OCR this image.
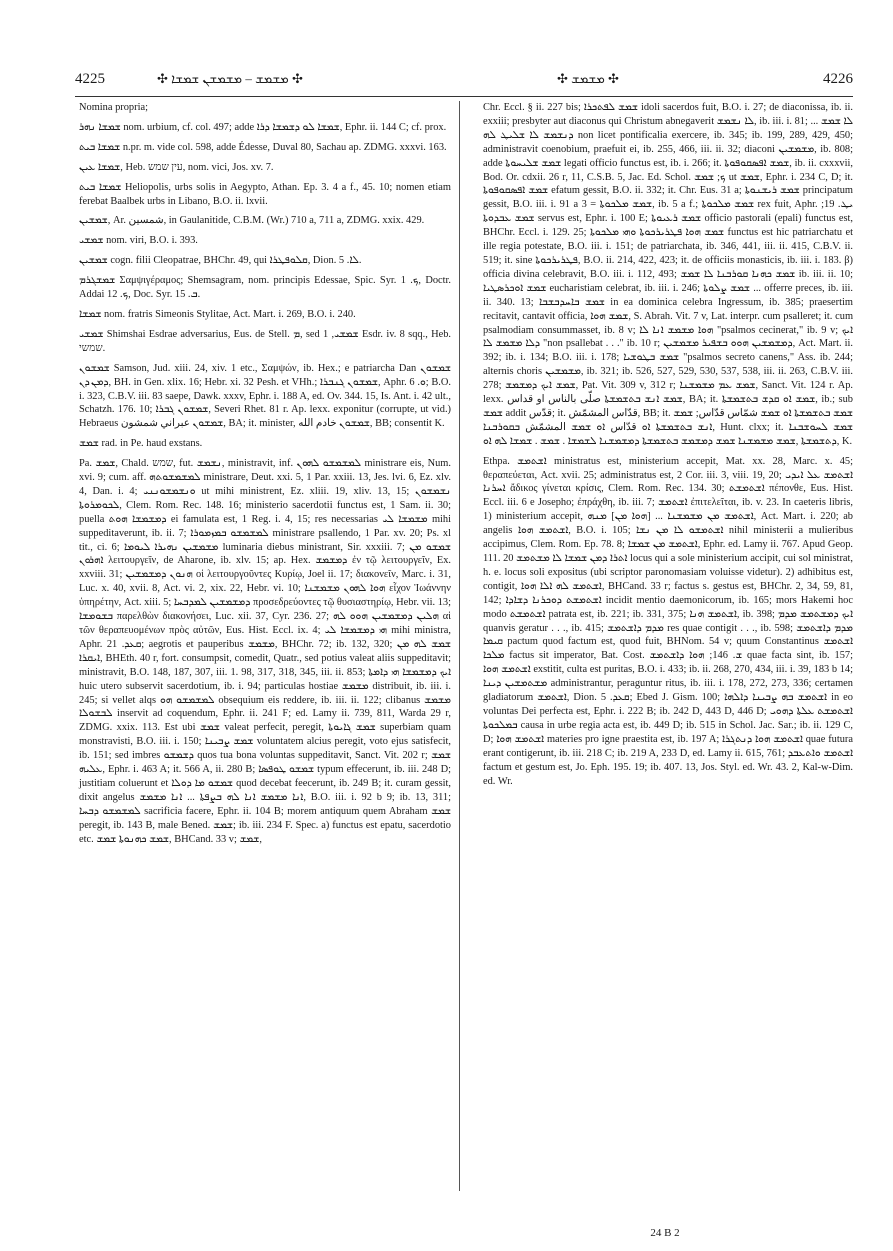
4225	✣ ܡܫܡܫ – ܡܫܡܫܢ ܫܡܫܐ ✣	✣ ܡܫܡܫ ✣	4226

Nomina propria;

ܫܡܫܐ ܢܗܪ nom. urbium, cf. col. 497; adde ܫܡܫܐ ܠܘ ܕܫܡܫܐ ܕܪܐ, Ephr. ii. 144 C; cf. prox.

ܫܡܫܐ ܒܝܬ n.pr. m. vide col. 598, adde Édesse, Duval 80, Sachau ap. ZDMG. xxxvi. 163.

ܫܡܫܐ ܥܝܢ, Heb. עין שמש, nom. vici, Jos. xv. 7.

ܫܡܫܐ ܒܝܬ Heliopolis, urbs solis in Aegypto, Athan. Ep. 3. 4 a f., 45. 10; nomen etiam ferebat Baalbek urbs in Libano, B.O. ii. lxvii.

ܫܡܫܝܢ, Ar. شمسين, in Gaulanitide, C.B.M. (Wr.) 710 a, 711 a, ZDMG. xxix. 429.

ܫܡܫܝ nom. viri, B.O. i. 393.

ܫܡܫܝܢ cogn. filii Cleopatrae, BHChr. 49, qui ܩܠܘܦܛܪܐ, Dion. ܠܐ. 5.

ܫܡܫܓܪܡ Σαμψιγέραμος; Shemsagram, nom. principis Edessae, Spic. Syr. ܟ. 1, Doctr. Addai ܟ. 12, Doc. Syr. ܒ. 15.

ܫܡܫܐ nom. fratris Simeonis Stylitae, Act. Mart. i. 269, B.O. i. 240.

ܫܡܫܝ Shimshai Esdrae adversarius, Eus. de Stell. ܡ, sed ܫܡܫܝ, 1 Esdr. iv. 8 sqq., Heb. שמשי.

ܫܡܫܘܢ Samson, Jud. xiii. 24, xiv. 1 etc., Σαμψών, ib. Hex.; e patriarcha Dan ܫܡܫܘܢ ܕܡܢ ܕܢ, BH. in Gen. xlix. 16; Hebr. xi. 32 Pesh. et VHh.; ܫܡܫܘܢ ܓܢܒܪܐ, Aphr. ܘ. 6; B.O. i. 323, C.B.V. iii. 83 saepe, Dawk. xxxv, Ephr. i. 188 A, ed. Ov. 344. 15, Is. Ant. i. 42 ult., Schatzh. 176. 10; ܫܡܫܘܢ ܓܒܪܐ, Severi Rhet. 81 r. Ap. lexx. exponitur (corrupte, ut vid.) Hebraeus ܫܡܫܘܢ عبراني شمشون, BA; it. minister, ܫܡܫܘܢ خادم الله, BB; consentit K.

ܫܡܫ rad. in Pe. haud exstans.

Pa. ܫܡܫ, Chald. שמש, fut. ܢܫܡܫ, ministravit, inf. ܠܡܫܡܫܘ ܠܗܘܢ ministrare eis, Num. xvi. 9; cum. aff. ܠܡܫܡܫܘܬܗ ministrare, Deut. xxi. 5, 1 Par. xxiii. 13, Jes. lvi. 6, Ez. xlv. 4, Dan. i. 4; ܘܢܫܡܫܘܢܢܝ ut mihi ministrent, Ez. xliii. 19, xliv. 13, 15; ܢܫܡܫܘܢ ܠܟܘܡܪܘܬܐ, Clem. Rom. Rec. 148. 16; ministerio sacerdotii functus est, 1 Sam. ii. 30; puella ܕܡܫܡܫܐ ܗܘܬ ei famulata est, 1 Reg. i. 4, 15; res necessarias ܡܫܡܫܐ ܠܝ mihi suppeditaverunt, ib. ii. 7; ܠܡܫܡܫܘ ܒܡܙܡܘܪܐ ministrare psallendo, 1 Par. xv. 20; Ps. xl tit., ci. 6; ܡܫܡܫܝܢ ܢܗܝܪܐ ܠܝܘܡܐ luminaria diebus ministrant, Sir. xxxiii. 7; ܫܡܫܘ ܡܢ ܐܗܪܘܢ λειτουργεῖν, de Aharone, ib. xlv. 15; ap. Hex. ܕܡܫܡܫ ἐν τῷ λειτουργεῖν, Ex. xxviii. 31; ܗܢܘܢ ܕܡܫܡܫܝܢ οἱ λειτουργοῦντες Κυρίῳ, Joel ii. 17; διακονεῖν, Marc. i. 31, Luc. x. 40, xvii. 8, Act. vi. 2, xix. 22, Hebr. vi. 10; ܗܘܐ ܠܗܘܢ ܡܫܡܫܢܐ εἶχον Ἰωάννην ὑπηρέτην, Act. xiii. 5; ܕܡܫܡܫܝܢ ܠܡܕܒܚܐ προσεδρεύοντες τῷ θυσιαστηρίῳ, Hebr. vii. 13; ܒܫܘܡܫܐ παρελθὼν διακονήσει, Luc. xii. 37, Cyr. 236. 27; ܗܠܝܢ ܕܡܫܡܫܝܢ ܗܘܘ ܠܗ αἱ τῶν θεραπευομένων πρὸς αὐτῶν, Eus. Hist. Eccl. ix. 4; ܗܝ ܕܡܫܡܫܐ ܠܝ mihi ministra, Aphr. ܩܥܕ. 21; aegrotis et pauperibus ܡܫܡܫ, BHChr. 72; ib. 132, 320; ܫܡܫ ܠܗ ܡܢ ܐܝܩܪܐ, BHEth. 40 r, fort. consumpsit, comedit, Quatr., sed potius valeat aliis suppeditavit; ministravit, B.O. 148, 187, 307, iii. 1. 98, 317, 318, 345, iii. ii. 853; ܐܝܟ ܕܡܫܡܫܐ ܗܝ ܕܐܡܬܐ huic utero subservit sacerdotium, ib. i. 94; particulas hostiae ܡܫܡܫ distribuit, ib. iii. i. 245; si vellet alqs ܠܡܫܡܫܘ ܗܘ obsequium eis reddere, ib. iii. ii. 122; clibanus ܡܫܡܫ ܠܒܫܘܠܐ inservit ad coquendum, Ephr. ii. 241 F; ed. Lamy ii. 739, 811, Warda 29 r, ZDMG. xxix. 113. Est ubi ܫܡܫ valeat perfecit, peregit, ܫܡܫ ܓܐܝܘܬܐ superbiam quam monstravisti, B.O. iii. i. 150; ܫܡܫ ܨܒܝܢܐ voluntatem alcius peregit, voto ejus satisfecit, ib. 151; sed imbres ܕܫܡܫܘ quos tua bona voluntas suppeditavit, Sanct. Vit. 202 r; ܫܡܫ ܥܠܝܗ, Ephr. i. 463 A; it. 566 A, ii. 280 B; ܫܡܫܘ ܛܘܦܣܐ typum effecerunt, ib. iii. 248 D; justitiam coluerunt et ܫܡܫܘ ܡܐ ܕܘܠܐ quod decebat feecerunt, ib. 249 B; it. curam gessit, dixit angelus ܐܢܐ ܡܫܡܫ ܐܢܐ ܠܗ ܒܨܦܬܐ ... ܐܢܐ ܡܫܡܫ, B.O. iii. i. 92 b 9; ib. 13, 311; ܠܡܫܡܫܘ ܕܒܚܐ sacrificia facere, Ephr. ii. 104 B; morem antiquum quem Abraham ܫܡܫ peregit, ib. 143 B, male Bened. ܫܡܫ; ib. iii. 234 F. Spec. a) functus est epatu, sacerdotio etc. ܫܡܫ ܟܗܢܘܬܐ ܫܡܫ, BHCand. 33 v; ܫܡܫ,

Chr. Eccl. § ii. 227 bis; ܫܡܫ ܠܦܬܟܪܐ idoli sacerdos fuit, B.O. i. 27; de diaconissa, ib. ii. exxiii; presbyter aut diaconus qui Christum abnegaverit ܠܐ ܢܫܡܫ, ib. iii. i. 81; ܠܐ ܫܡܫ ... ܕܢܫܡܫ ܠܐ ܫܠܝܛ ܠܗ non licet pontificalia exercere, ib. 345; ib. 199, 289, 429, 450; administravit coenobium, praefuit ei, ib. 255, 466, iii. ii. 32; diaconi ܡܫܡܫܝܢ, ib. 808; adde ܫܡܫ ܫܠܝܚܘܬܐ legati officio functus est, ib. i. 266; it. ܫܡܫ ܐܦܣܩܘܦܘܬܐ, ib. ii. cxxxvii, Bod. Or. cdxii. 26 r, 11, C.S.B. 5, Jac. Ed. Schol. ܟ; ܫܡܫ ut ܫܡܫ, Ephr. i. 234 C, D; it. ܫܡܫ ܐܦܣܩܘܦܘܬܐ efatum gessit, B.O. ii. 332; it. Chr. Eus. 31 a; ܫܡܫ ܪܝܫܢܘܬܐ principatum gessit, B.O. iii. i. 91 a 3 = ܫܡܫ ܡܠܟܘܬܐ, ib. 5 a f.; ܫܡܫ ܡܠܟܘܬܐ rex fuit, Aphr. ܝܛ. 19; ܫܡܫ ܥܒܕܘܬܐ servus est, Ephr. i. 100 E; ܫܡܫ ܪܥܝܘܬܐ officio pastorali (epali) functus est, BHChr. Eccl. i. 129. 25; ܫܡܫ ܗܘܐ ܦܛܪܝܪܟܘܬܐ ܘܗܝ ܡܠܟܘܬܐ functus est hic patriarchatu et ille regia potestate, B.O. iii. i. 151; de patriarchata, ib. 346, 441, iii. ii. 415, C.B.V. ii. 519; it. sine ܦܛܪܝܪܟܘܬܐ, B.O. ii. 214, 422, 423; it. de officiis monasticis, ib. iii. i. 183. β) officia divina celebravit, B.O. iii. i. 112, 493; ܫܡܫ ܟܗܢܐ ܩܘܪܒܢܐ ܠܐ ܫܡܫ ib. iii. ii. 10; ܫܡܫ ܐܘܟܪܣܛܝܐ eucharistiam celebrat, ib. iii. i. 246; ܫܡܫ ܨܠܘܬܐ ... offerre preces, ib. iii. ii. 340. 13; ܫܡܫ ܒܐܚܕܒܫܒܐ in ea dominica celebra Ingressum, ib. 385; praesertim recitavit, cantavit officia, ܫܡܫ ܗܘܐ, S. Abrah. Vit. 7 v, Lat. interpr. cum psalleret; it. cum psalmodiam consummasset, ib. 8 v; ܗܘܐ ܡܫܡܫ ܐܢܐ ܠܐ "psalmos cecinerat," ib. 9 v; ܐܝܟ ܕܠܐ ܡܫܡܫ ܠܐ "non psallebat . . ." ib. 10 r; ܕܡܫܡܫܝܢ ܗܘܘ ܒܫܦܝܪ ܡܫܡܫܝܢ, Act. Mart. ii. 392; ib. i. 134; B.O. iii. i. 178; ܫܡܫ ܒܛܘܫܝܐ "psalmos secreto canens," Ass. ib. 244; alternis choris ܡܫܡܫܝܢ, ib. 321; ib. 526, 527, 529, 530, 537, 538, iii. ii. 263, C.B.V. iii. 278; ܫܡܫ ܐܝܟ ܕܡܫܡܫ, Pat. Vit. 309 v, 312 r; ܫܡܫ ܥܡ ܡܫܡܫܢܐ, Sanct. Vit. 124 r. Ap. lexx. ܫܡܫ ܐܢܫ ܒܬܫܡܫܬܐ صلّى بالناس او قداس, BA; it. ܫܡܫ ܐܘ ܩܕܫ ܒܬܫܡܫܬܐ, ib.; sub ܫܡܫ addit قدّس; it. قدّاس المشمّش, BB; it. ܫܡܫ ܒܬܫܡܫܬܐ ܐܘ ܫܡܫ شمّاس قدّاس; ܫܡܫ ܐܢܫ ܒܬܫܡܫܬܐ ܐܘ قدّاس ܐܘ ܫܡܫ المشمّش ܒܩܘܪܒܢܐ, Hunt. clxx; it. ܫܡܫ ܠܚܘܫܒܢܐ ܕܬܫܡܫܬܐ ,ܫܡܫ ܡܫܡܫܢܐ ܫܡܫ ܕܡܫܡܫ ܒܬܫܡܫܬܐ ܕܡܫܡܫܢܐ ܠܫܡܫܐ . ܫܡܫ . ܫܡܫܐ ܠܗ ܐܘ, K.

Ethpa. ܐܫܬܡܫ ministratus est, ministerium accepit, Mat. xx. 28, Marc. x. 45; θεραπεύεται, Act. xvii. 25; administratus est, 2 Cor. iii. 3, viii. 19, 20; ܐܫܬܡܫ ܥܠ ܐܝܕܝ ܐܚܪܢܐ ἄδικος γίνεται κρίσις, Clem. Rom. Rec. 134. 30; ܐܫܬܡܫܬ πέπονθε, Eus. Hist. Eccl. iii. 6 e Josepho; ἐπράχθη, ib. iii. 7; ܐܫܬܡܫ ἐπιτελεῖται, ib. v. 23. In caeteris libris, 1) ministerium accepit, ܐܫܬܡܫ ܡܢ ܡܫܡܫܢܐ ... [ܗܘܐ ܡܢ] ܡܢܗ, Act. Mart. i. 220; ab angelis ܐܫܬܡܫ ܗܘܐ, B.O. i. 105; ܐܫܬܡܫܘ ܠܐ ܡܢ ܢܫܐ nihil ministerii a mulieribus accipimus, Clem. Rom. Ep. 78. 8; ܐܫܬܡܫ ܡܢ ܫܡܫܐ, Ephr. ed. Lamy ii. 767. Apud Geop. 111. 20 ܐܬܪܐ ܕܡܢ ܫܡܫܐ ܠܐ ܡܫܬܡܫ locus qui a sole ministerium accipit, cui sol ministrat, h. e. locus soli expositus (ubi scriptor paronomasiam voluisse videtur). 2) adhibitus est, contigit, ܐܫܬܡܫ ܠܗ ܐܠܐ ܗܘܐ, BHCand. 33 r; factus s. gestus est, BHChr. 2, 34, 59, 81, 142; ܐܫܬܡܫܬ ܕܘܟܪܢܐ ܕܫܐܕܐ incidit mentio daemonicorum, ib. 165; mors Hakemi hoc modo ܐܫܬܡܫܬ patrata est, ib. 221; ib. 331, 375; ܐܫܬܡܫ ܗܢܐ, ib. 398; ܐܝܟ ܕܡܫܬܡܫ ܡܕܡ quanvis geratur . . ., ib. 415; ܡܕܡ ܕܐܫܬܡܫ res quae contigit . . ., ib. 598; ܡܕܡ ܕܐܫܬܡܫ ܩܝܡܐ pactum quod factum est, quod fuit, BHNom. 54 v; quum Constantinus ܐܫܬܡܫ ܡܠܟܐ factus sit imperator, Bat. Cost. ܫ. 146; ܗܘܐ ܕܐܫܬܡܫ quae facta sint, ib. 157; ܐܫܬܡܫ ܗܘܐ exstitit, culta est puritas, B.O. i. 433; ib. ii. 268, 270, 434, iii. i. 39, 183 b 14; ܡܫܬܡܫܝܢ ܕܝܢܐ administrantur, peraguntur ritus, ib. iii. i. 178, 272, 273, 336; certamen gladiatorum ܐܫܬܡܫ, Dion. ܩܥܕ. 5; Ebed J. Gism. 100; ܐܫܬܡܫ ܒܗ ܨܒܝܢܐ ܕܐܠܗܐ in eo voluntas Dei perfecta est, Ephr. i. 222 B; ib. 242 D, 443 D, 446 D; ܐܫܬܡܫܬ ܥܠܬܐ ܕܗܘܝ ܒܡܠܟܘܬܐ causa in urbe regia acta est, ib. 449 D; ib. 515 in Schol. Jac. Sar.; ib. ii. 129 C, D; ܐܫܬܡܫ ܗܘܐ materies pro igne praestita est, ib. 197 A; ܐܫܬܡܫ ܗܘܐ ܕܢܬܓܪܐ quae futura erant contigerunt, ib. iii. 218 C; ib. 219 A, 233 D, ed. Lamy ii. 615, 761; ܐܫܬܡܫ ܘܐܬܥܒܕ factum et gestum est, Jo. Eph. 195. 19; ib. 407. 13, Jos. Styl. ed. Wr. 43. 2, Kal-w-Dim. ed. Wr.

24 B 2
